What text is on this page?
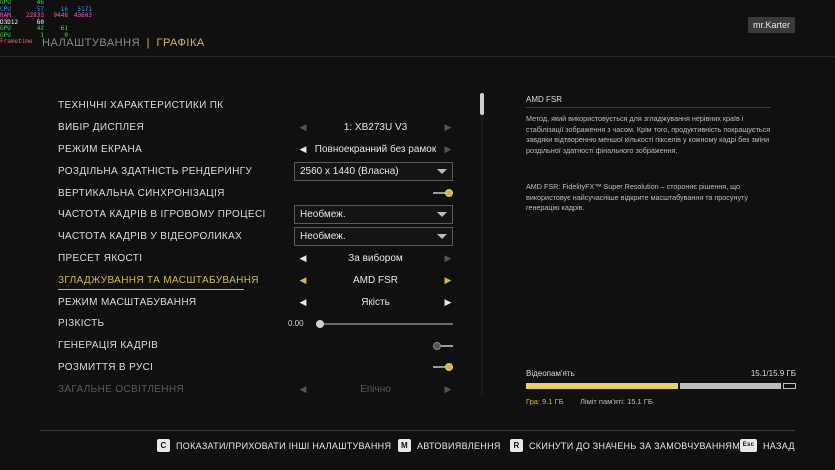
GPU	46
CPU	57	16	5171
RAM	22833	9448 43603
D3D12	60
GPU	42	61
GPU	1	0
Frametime НАЛАШТУВАННЯ | ГРАФІКА
mr.Karter
ТЕХНІЧНІ ХАРАКТЕРИСТИКИ ПК
ВИБІР ДИСПЛЕЯ	◀	1: XB273U V3	▶
РЕЖИМ ЕКРАНА	◀ Повноекранний без рамок ▶
РОЗДІЛЬНА ЗДАТНІСТЬ РЕНДЕРИНГУ	2560 x 1440 (Власна)
ВЕРТИКАЛЬНА СИНХРОНІЗАЦІЯ
ЧАСТОТА КАДРІВ В ІГРОВОМУ ПРОЦЕСІ	Необмеж.
ЧАСТОТА КАДРІВ У ВІДЕОРОЛИКАХ	Необмеж.
ПРЕСЕТ ЯКОСТІ	◀	За вибором	▶
ЗГЛАДЖУВАННЯ ТА МАСШТАБУВАННЯ	◀	AMD FSR	▶
РЕЖИМ МАСШТАБУВАННЯ	◀	Якість	▶
РІЗКІСТЬ	0.00
ГЕНЕРАЦІЯ КАДРІВ
РОЗМИТТЯ В РУСІ
ЗАГАЛЬНЕ ОСВІТЛЕННЯ	◀	Епічно	▶
AMD FSR
Метод, який використовується для згладжування нерівних країв і стабілізації зображення з часом. Крім того, продуктивність покращується завдяки відтворенню меншої кількості пікселів у кожному кадрі без зміни роздільної здатності фінального зображення.
AMD FSR: FidelityFX™ Super Resolution – стороннє рішення, що використовує найсучасніше відкрите масштабування та просунуту генерацію кадрів.
Відеопам'ять	15.1/15.9 ГБ
Гра: 9.1 ГБ Ліміт пам'яті: 15.1 ГБ
C	ПОКАЗАТИ/ПРИХОВАТИ ІНШІ НАЛАШТУВАННЯ	M	АВТОВИЯВЛЕННЯ	R	СКИНУТИ ДО ЗНАЧЕНЬ ЗА ЗАМОВЧУВАННЯМ Esc НАЗАД
